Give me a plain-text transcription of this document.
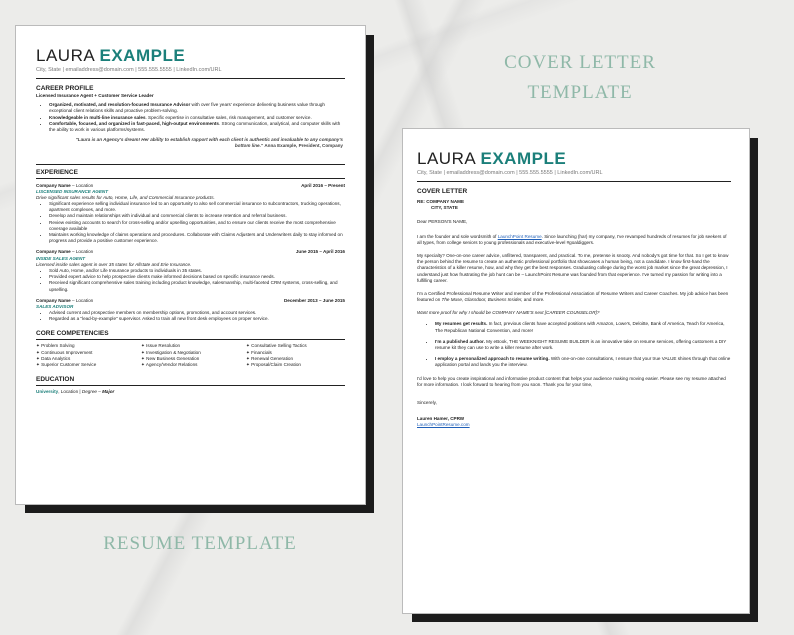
COVER LETTER
TEMPLATE
RESUME TEMPLATE

LAURA EXAMPLE

City, State | emailaddress@domain.com | 555.555.5555 | LinkedIn.com/URL
CAREER PROFILE
Licensed Insurance Agent + Customer Service Leader
• Organized, motivated, and resolution-focused Insurance Advisor with over five years' experience delivering business value through exceptional client relations skills and proactive problem-solving.
• Knowledgeable in multi-line insurance sales. Specific expertise in consultative sales, risk management, and customer service.
• Comfortable, focused, and organized in fast-paced, high-output environments. Strong communication, analytical, and computer skills with the ability to work in various platforms/systems.
"Laura is an Agency's dream! Her ability to establish rapport with each client is authentic and invaluable to any company's bottom line." Anna Example, President, Company
EXPERIENCE
Company Name – Location	April 2016 – Present
LISCENSED INSURANCE AGENT
Drive significant sales results for Auto, Home, Life, and Commercial Insurance products.
• Significant experience selling individual insurance led to an opportunity to also sell commercial insurance to subcontractors, trucking operations, apartment complexes, and more.
• Develop and maintain relationships with individual and commercial clients to increase retention and referral business.
• Review existing accounts to search for cross-selling and/or upselling opportunities, and to ensure our clients receive the most comprehensive coverage available
• Maintains working knowledge of claims operations and procedures. Collaborate with Claims Adjusters and Underwriters daily to stay informed on progress and provide a positive customer experience.
Company Name – Location	June 2015 – April 2016
INSIDE SALES AGENT
Licensed inside sales agent in over 35 states for Allstate and Erie Insurance.
• Sold Auto, Home, and/or Life Insurance products to individuals in 35 states.
• Provided expert advice to help prospective clients make informed decisions based on specific insurance needs.
• Received significant comprehensive sales training including product knowledge, salesmanship, multi-faceted CRM systems, cross-selling, and upselling.
Company Name – Location	December 2013 – June 2015
SALES ADVISOR
• Advised current and prospective members on membership options, promotions, and account services.
• Regarded as a "lead-by-example" supervisor. Asked to train all new front desk employees on proper service.
CORE COMPETENCIES
✦ Problem Solving	✦ Issue Resolution	✦ Consultative Selling Tactics
✦ Continuous Improvement	✦ Investigation & Negotiation	✦ Financials
✦ Data Analytics	✦ New Business Generation	✦ Renewal Generation
✦ Superior Customer Service	✦ Agency/Vendor Relations	✦ Proposal/Claim Creation
EDUCATION
University, Location | Degree – Major

LAURA EXAMPLE

City, State | emailaddress@domain.com | 555.555.5555 | LinkedIn.com/URL
COVER LETTER
RE: COMPANY NAME
CITY, STATE
Dear PERSON'S NAME,
I am the founder and sole wordsmith of LaunchPoint Resume. Since launching (ha!) my company, I've revamped hundreds of resumes for job seekers of all types, from college seniors to young professionals and executive-level #goaldiggers.
My specialty? One-on-one career advice, unfiltered, transparent, and practical. To me, pretense is snooty. And nobody's got time for that. So I get to know the person behind the resume to create an authentic professional portfolio that showcases a human being, not a candidate. I know first-hand the characteristics of a killer resume, how, and why they get the best responses. Graduating college during the worst job market since the great depression, I understand just how frustrating the job hunt can be – LaunchPoint Resume was founded from that experience. I've turned my passion for writing into a fulfilling career.
I'm a Certified Professional Resume Writer and member of the Professional Association of Resume Writers and Career Coaches. My job advice has been featured on The Muse, Glassdoor, Business Insider, and more.
Want more proof for why I should be COMPANY NAME'S next [CAREER COUNSELOR]?
• My resumes get results. In fact, previous clients have accepted positions with Amazon, Lowe's, Deloitte, Bank of America, Teach for America, The Republican National Convention, and more!
• I'm a published author. My eBook, THE WEEKNIGHT RESUME BUILDER is an innovative take on resume services, offering customers a DIY resume kit they can use to write a killer resume after work.
• I employ a personalized approach to resume writing. With one-on-one consultations, I ensure that your true VALUE shines through that online application portal and lands you the interview.
I'd love to help you create inspirational and informative product content that helps your audience making moving easier. Please see my resume attached for more information. I look forward to hearing from you soon. Thank you for your time,
Sincerely,
Lauren Hamer, CPRW
LaunchPointResume.com
